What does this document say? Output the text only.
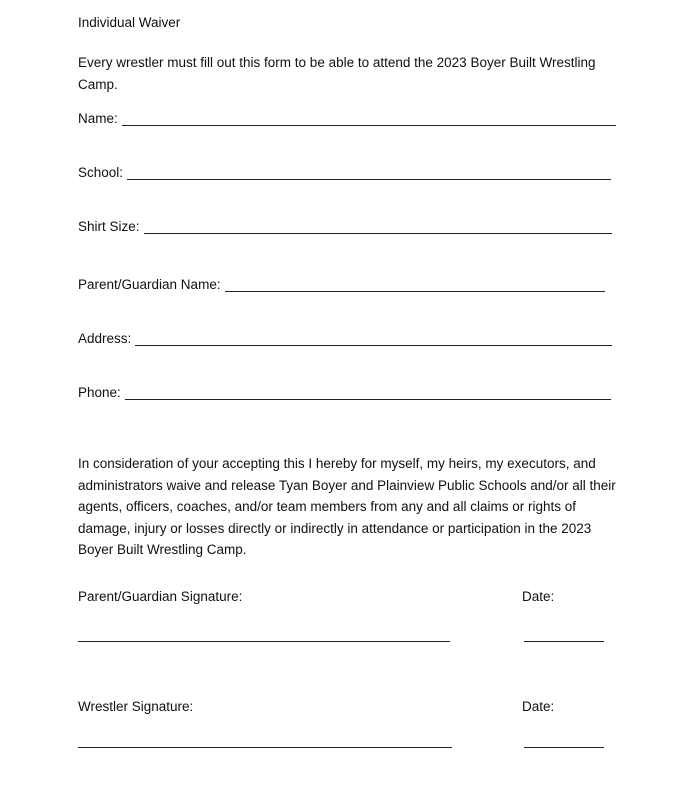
Individual Waiver
Every wrestler must fill out this form to be able to attend the 2023 Boyer Built Wrestling Camp.
Name:
School:
Shirt Size:
Parent/Guardian Name:
Address:
Phone:
In consideration of your accepting this I hereby for myself, my heirs, my executors, and administrators waive and release Tyan Boyer and Plainview Public Schools and/or all their agents, officers, coaches, and/or team members from any and all claims or rights of damage, injury or losses directly or indirectly in attendance or participation in the 2023 Boyer Built Wrestling Camp.
Parent/Guardian Signature:	Date:
Wrestler Signature:	Date:
